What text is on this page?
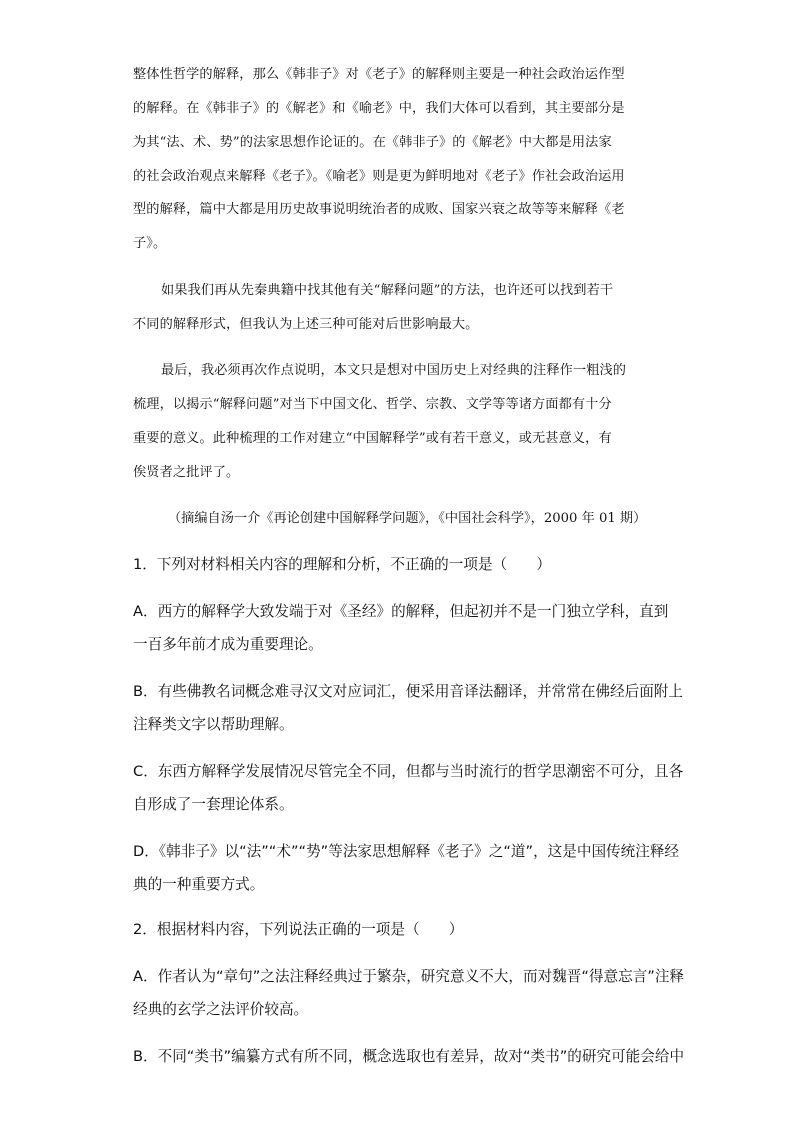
整体性哲学的解释，那么《韩非子》对《老子》的解释则主要是一种社会政治运作型

的解释。在《韩非子》的《解老》和《喻老》中，我们大体可以看到，其主要部分是

为其“法、术、势”的法家思想作论证的。在《韩非子》的《解老》中大都是用法家

的社会政治观点来解释《老子》。《喻老》则是更为鲜明地对《老子》作社会政治运用

型的解释，篇中大都是用历史故事说明统治者的成败、国家兴衰之故等等来解释《老

子》。

如果我们再从先秦典籍中找其他有关“解释问题”的方法，也许还可以找到若干

不同的解释形式，但我认为上述三种可能对后世影响最大。

最后，我必须再次作点说明，本文只是想对中国历史上对经典的注释作一粗浅的

梳理，以揭示“解释问题”对当下中国文化、哲学、宗教、文学等等诸方面都有十分

重要的意义。此种梳理的工作对建立“中国解释学”或有若干意义，或无甚意义，有

俟贤者之批评了。

（摘编自汤一介《再论创建中国解释学问题》，《中国社会科学》，2000 年 01 期）

1．下列对材料相关内容的理解和分析，不正确的一项是（　　）

A．西方的解释学大致发端于对《圣经》的解释，但起初并不是一门独立学科，直到

一百多年前才成为重要理论。

B．有些佛教名词概念难寻汉文对应词汇，便采用音译法翻译，并常常在佛经后面附上

注释类文字以帮助理解。

C．东西方解释学发展情况尽管完全不同，但都与当时流行的哲学思潮密不可分，且各

自形成了一套理论体系。

D．《韩非子》以“法”“术”“势”等法家思想解释《老子》之“道”，这是中国传统注释经

典的一种重要方式。

2．根据材料内容，下列说法正确的一项是（　　）

A．作者认为“章句”之法注释经典过于繁杂，研究意义不大，而对魏晋“得意忘言”注释

经典的玄学之法评价较高。

B．不同“类书”编纂方式有所不同，概念选取也有差异，故对“类书”的研究可能会给中
